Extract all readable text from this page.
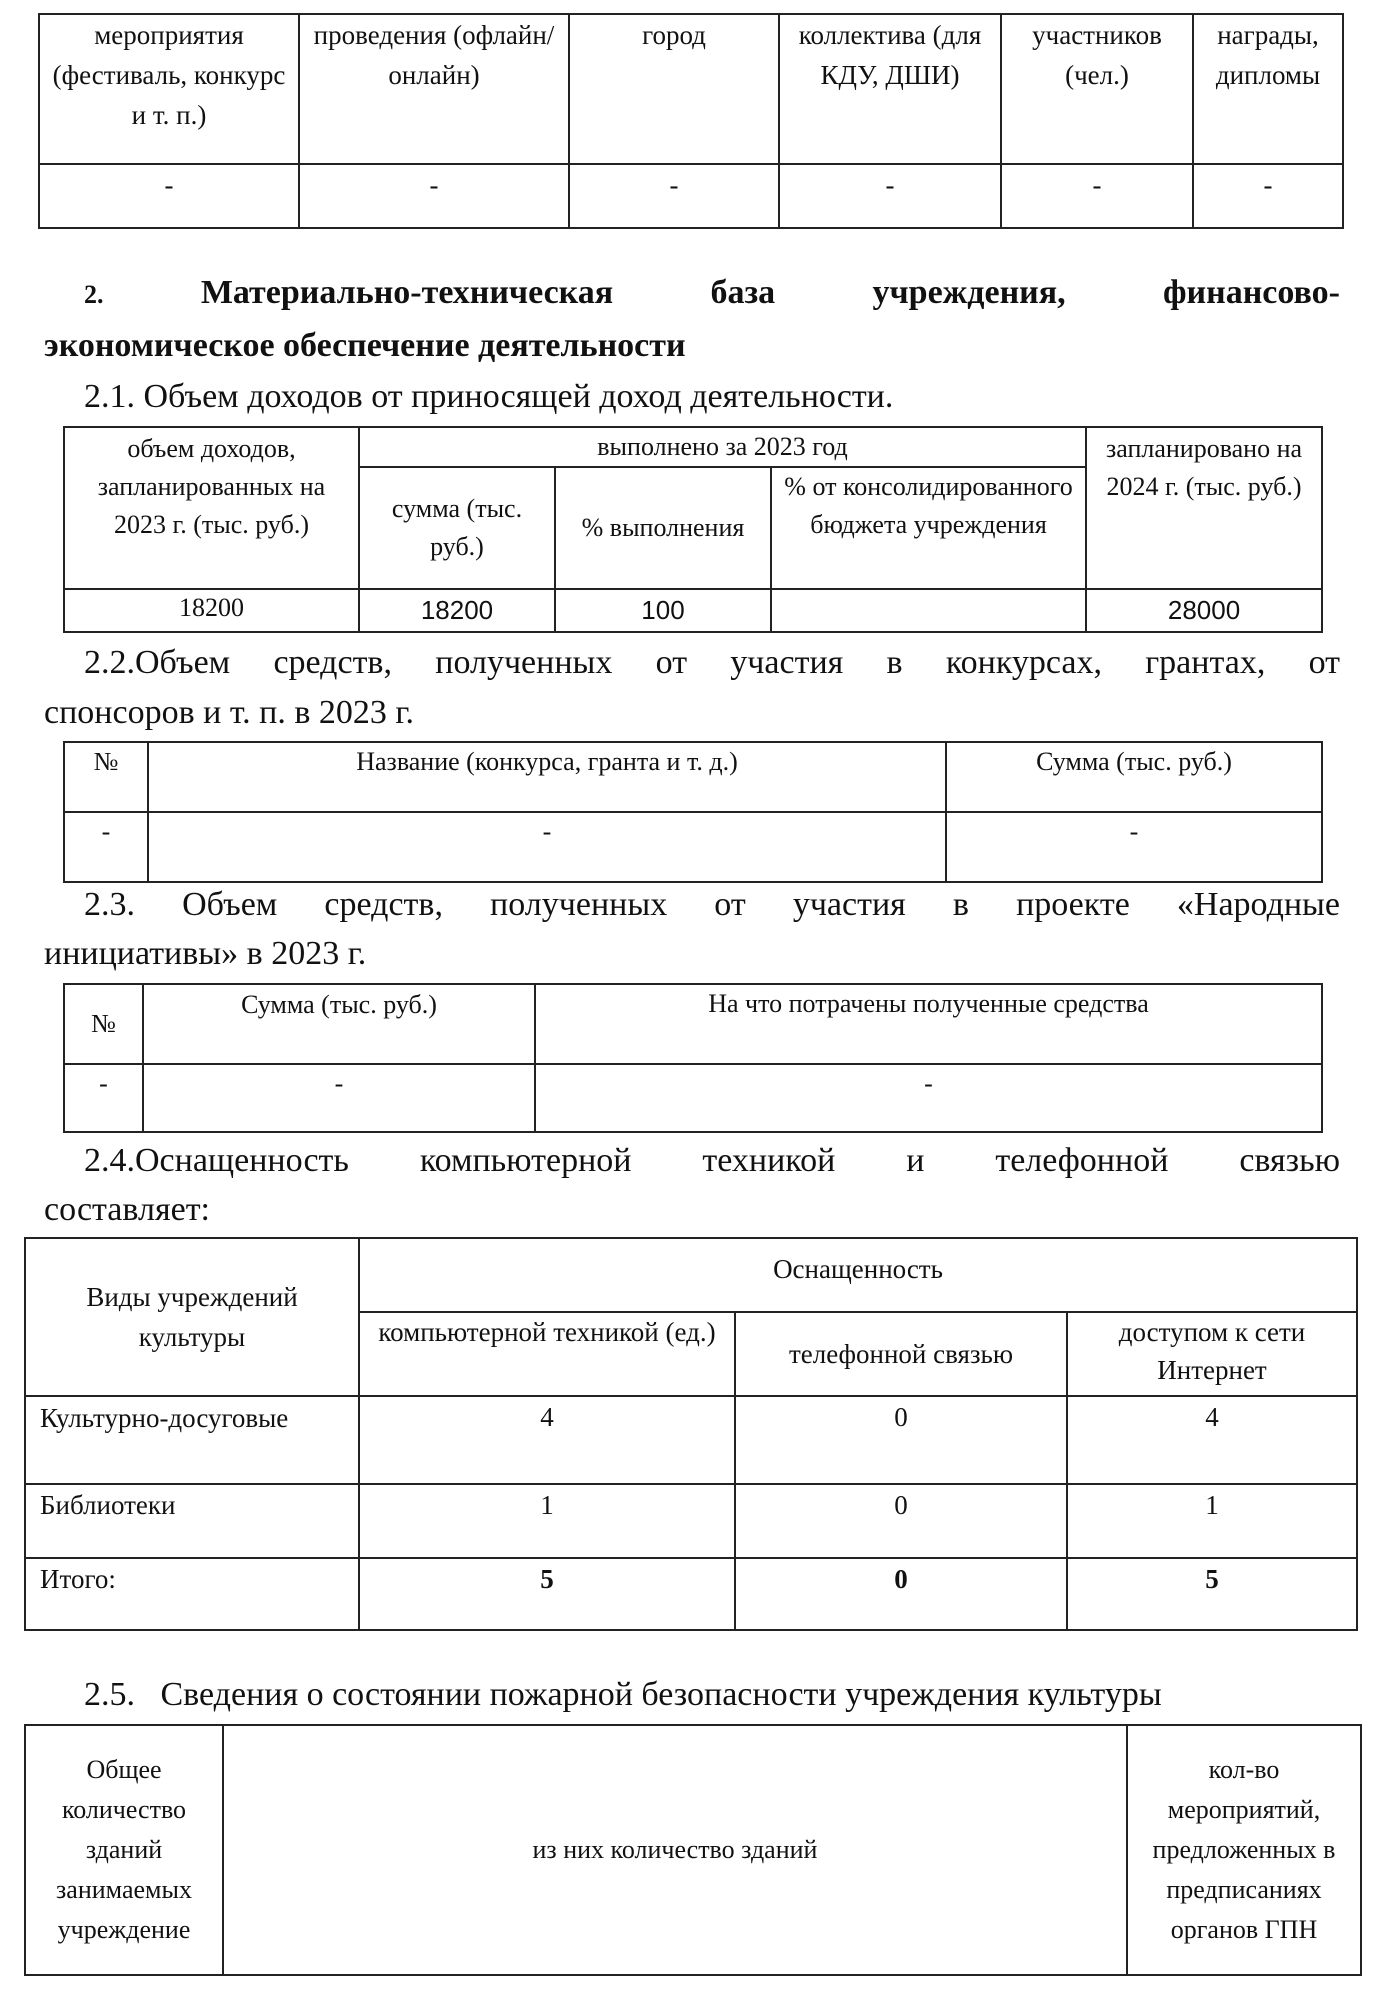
мероприятия (фестиваль, конкурс и т. п.)	проведения (офлайн/онлайн)	город	коллектива (для КДУ, ДШИ)	участников (чел.)	награды, дипломы
-	-	-	-	-	-
2.	Материально-техническая база учреждения, финансово-
экономическое обеспечение деятельности
2.1. Объем доходов от приносящей доход деятельности.
объем доходов, запланированных на 2023 г. (тыс. руб.)	выполнено за 2023 год			запланировано на 2024 г. (тыс. руб.)
	сумма (тыс. руб.)	% выполнения	% от консолидированного бюджета учреждения	
18200	18200	100		28000
2.2.Объем средств, полученных от участия в конкурсах, грантах, от
спонсоров и т. п. в 2023 г.
№	Название (конкурса, гранта и т. д.)	Сумма (тыс. руб.)
-	-	-
2.3. Объем средств, полученных от участия в проекте «Народные
инициативы» в 2023 г.
№	Сумма (тыс. руб.)	На что потрачены полученные средства
-	-	-
2.4.Оснащенность компьютерной техникой и телефонной связью
составляет:
Виды учреждений культуры	Оснащенность		
	компьютерной техникой (ед.)	телефонной связью	доступом к сети Интернет
Культурно-досуговые	4	0	4
Библиотеки	1	0	1
Итого:	5	0	5
2.5.   Сведения о состоянии пожарной безопасности учреждения культуры
Общее количество зданий занимаемых учреждение	из них количество зданий	кол-во мероприятий, предложенных в предписаниях органов ГПН
